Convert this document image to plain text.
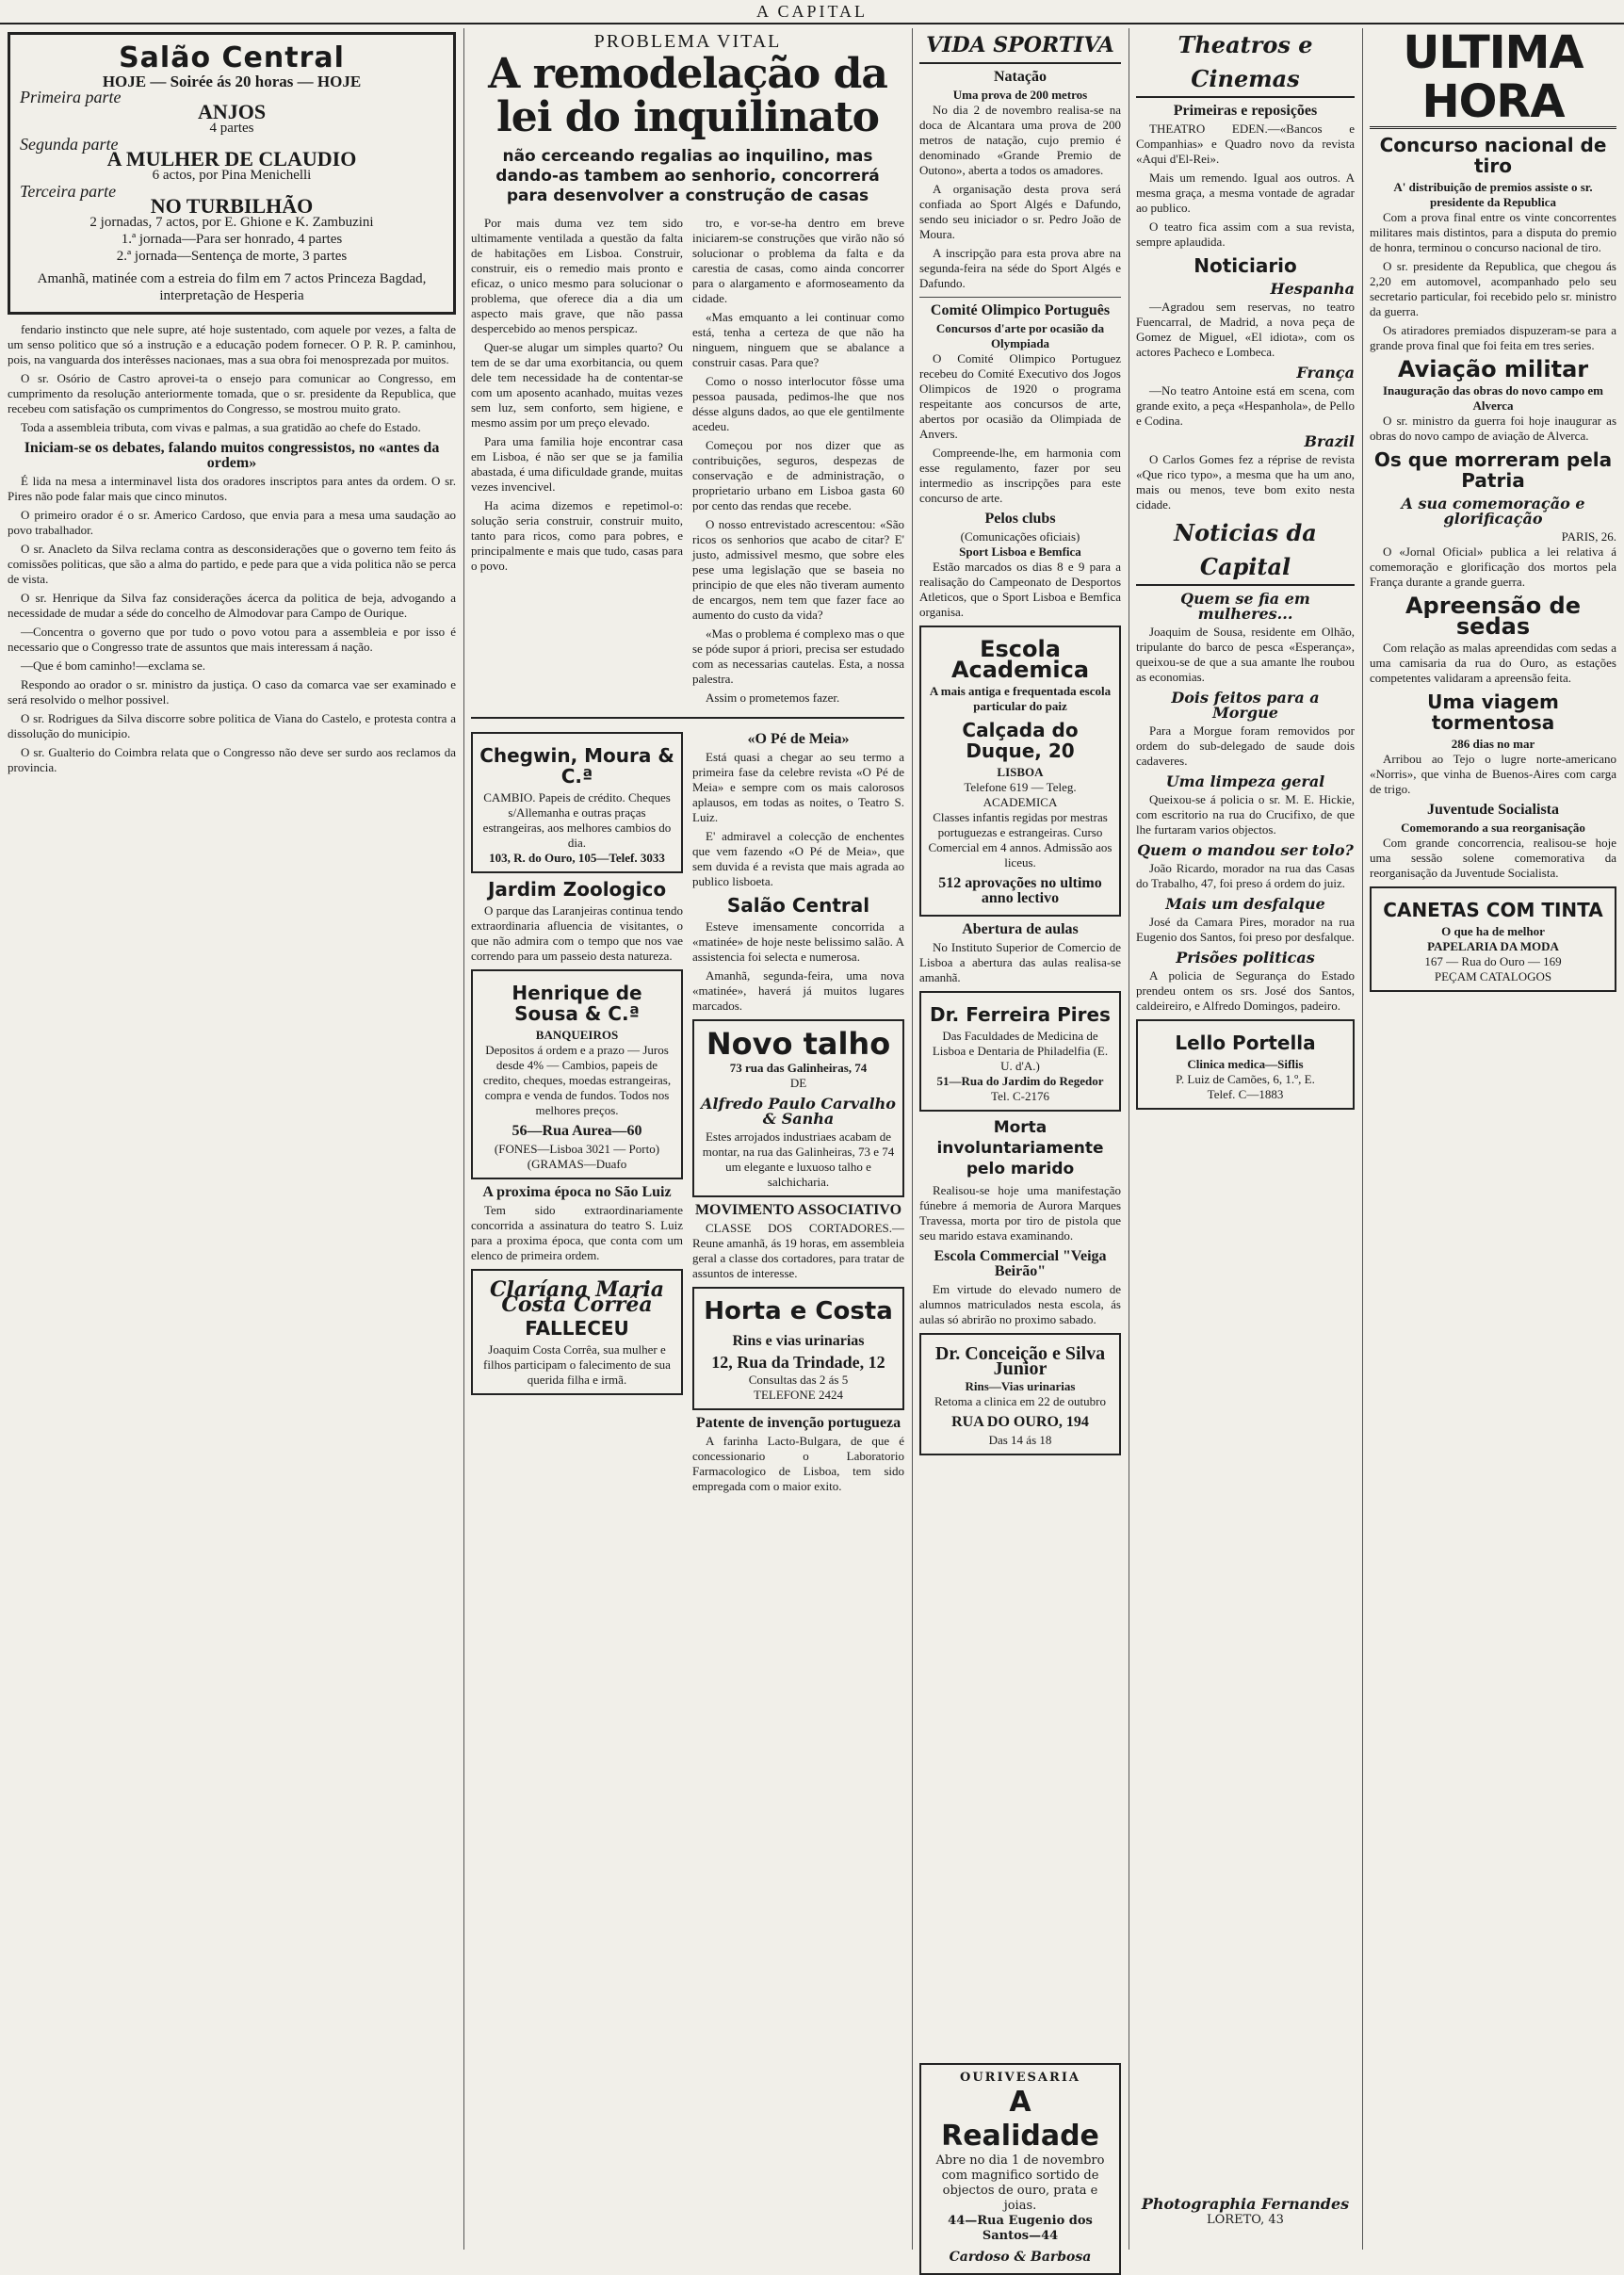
A CAPITAL
Salão Central
HOJE — Soirée ás 20 horas — HOJE
Primeira parte
ANJOS
4 partes
Segunda parte
A MULHER DE CLAUDIO
6 actos, por Pina Menichelli
Terceira parte
NO TURBILHÃO
2 jornadas, 7 actos, por E. Ghione e K. Zambuzini
1.ª jornada—Para ser honrado, 4 partes
2.ª jornada—Sentença de morte, 3 partes
Amanhã, matinée com a estreia do film em 7 actos Princeza Bagdad, interpretação de Hesperia

fendario instincto que nele supre, até hoje sustentado, com aquele por vezes, a falta de um senso politico que só a instrução e a educação podem fornecer. O P. R. P. caminhou, pois, na vanguarda dos interêsses nacionaes, mas a sua obra foi menosprezada por muitos.

O sr. Osório de Castro aprovei-ta o ensejo para comunicar ao Congresso, em cumprimento da resolução anteriormente tomada, que o sr. presidente da Republica, que recebeu com satisfação os cumprimentos do Congresso, se mostrou muito grato.

Toda a assembleia tributa, com vivas e palmas, a sua gratidão ao chefe do Estado.

Iniciam-se os debates, falando muitos congressistos, no «antes da ordem»

É lida na mesa a interminavel lista dos oradores inscriptos para antes da ordem. O sr. Pires não pode falar mais que cinco minutos.

O primeiro orador é o sr. Americo Cardoso, que envia para a mesa uma saudação ao povo trabalhador.

O sr. Anacleto da Silva reclama contra as desconsiderações que o governo tem feito ás comissões politicas, que são a alma do partido, e pede para que a vida politica não se perca de vista.

O sr. Henrique da Silva faz considerações ácerca da politica de beja, advogando a necessidade de mudar a séde do concelho de Almodovar para Campo de Ourique.

—Concentra o governo que por tudo o povo votou para a assembleia e por isso é necessario que o Congresso trate de assuntos que mais interessam á nação.

—Que é bom caminho!—exclama se.

Respondo ao orador o sr. ministro da justiça. O caso da comarca vae ser examinado e será resolvido o melhor possivel.

O sr. Rodrigues da Silva discorre sobre politica de Viana do Castelo, e protesta contra a dissolução do municipio.

O sr. Gualterio do Coimbra relata que o Congresso não deve ser surdo aos reclamos da provincia.

PROBLEMA VITAL
A remodelação da lei do inquilinato
não cerceando regalias ao inquilino, mas dando-as tambem ao senhorio, concorrerá para desenvolver a construção de casas

Por mais duma vez tem sido ultimamente ventilada a questão da falta de habitações em Lisboa. Construir, construir, eis o remedio mais pronto e eficaz, o unico mesmo para solucionar o problema, que oferece dia a dia um aspecto mais grave, que não passa despercebido ao menos perspicaz.

Quer-se alugar um simples quarto? Ou tem de se dar uma exorbitancia, ou quem dele tem necessidade ha de contentar-se com um aposento acanhado, muitas vezes sem luz, sem conforto, sem higiene, e mesmo assim por um preço elevado.

Para uma familia hoje encontrar casa em Lisboa, é não ser que se ja familia abastada, é uma dificuldade grande, muitas vezes invencivel.

Ha acima dizemos e repetimol-o: solução seria construir, construir muito, tanto para ricos, como para pobres, e principalmente e mais que tudo, casas para o povo.

tro, e vor-se-ha dentro em breve iniciarem-se construções que virão não só solucionar o problema da falta e da carestia de casas, como ainda concorrer para o alargamento e aformoseamento da cidade.

«Mas emquanto a lei continuar como está, tenha a certeza de que não ha ninguem, ninguem que se abalance a construir casas. Para que?

Como o nosso interlocutor fôsse uma pessoa pausada, pedimos-lhe que nos désse alguns dados, ao que ele gentilmente acedeu.

Começou por nos dizer que as contribuições, seguros, despezas de conservação e de administração, o proprietario urbano em Lisboa gasta 60 por cento das rendas que recebe.

O nosso entrevistado acrescentou: «São ricos os senhorios que acabo de citar? E' justo, admissivel mesmo, que sobre eles pese uma legislação que se baseia no principio de que eles não tiveram aumento de encargos, nem tem que fazer face ao aumento do custo da vida?

«Mas o problema é complexo mas o que se póde supor á priori, precisa ser estudado com as necessarias cautelas. Esta, a nossa palestra.

Assim o prometemos fazer.

Chegwin, Moura & C.ª
CAMBIO. Papeis de crédito. Cheques s/Allemanha e outras praças estrangeiras, aos melhores cambios do dia.
103, R. do Ouro, 105—Telef. 3033
Jardim Zoologico

O parque das Laranjeiras continua tendo extraordinaria afluencia de visitantes, o que não admira com o tempo que nos vae correndo para um passeio desta natureza.

Henrique de Sousa & C.ª
BANQUEIROS
Depositos á ordem e a prazo — Juros desde 4% — Cambios, papeis de credito, cheques, moedas estrangeiras, compra e venda de fundos. Todos nos melhores preços.
56—Rua Aurea—60
(FONES—Lisboa 3021 — Porto) (GRAMAS—Duafo
A proxima época no São Luiz

Tem sido extraordinariamente concorrida a assinatura do teatro S. Luiz para a proxima época, que conta com um elenco de primeira ordem.

Claríana Maria Costa Corrêa
FALLECEU
Joaquim Costa Corrêa, sua mulher e filhos participam o falecimento de sua querida filha e irmã.
«O Pé de Meia»

Está quasi a chegar ao seu termo a primeira fase da celebre revista «O Pé de Meia» e sempre com os mais calorosos aplausos, em todas as noites, o Teatro S. Luiz.

E' admiravel a colecção de enchentes que vem fazendo «O Pé de Meia», que sem duvida é a revista que mais agrada ao publico lisboeta.

Salão Central

Esteve imensamente concorrida a «matinée» de hoje neste belissimo salão. A assistencia foi selecta e numerosa.

Amanhã, segunda-feira, uma nova «matinée», haverá já muitos lugares marcados.

Novo talho
73 rua das Galinheiras, 74
DE
Alfredo Paulo Carvalho & Sanha
Estes arrojados industriaes acabam de montar, na rua das Galinheiras, 73 e 74 um elegante e luxuoso talho e salchicharia.
MOVIMENTO ASSOCIATIVO

CLASSE DOS CORTADORES.—Reune amanhã, ás 19 horas, em assembleia geral a classe dos cortadores, para tratar de assuntos de interesse.

Horta e Costa
Rins e vias urinarias
12, Rua da Trindade, 12
Consultas das 2 ás 5
TELEFONE 2424
Patente de invenção portugueza

A farinha Lacto-Bulgara, de que é concessionario o Laboratorio Farmacologico de Lisboa, tem sido empregada com o maior exito.

VIDA SPORTIVA
Natação
Uma prova de 200 metros

No dia 2 de novembro realisa-se na doca de Alcantara uma prova de 200 metros de natação, cujo premio é denominado «Grande Premio de Outono», aberta a todos os amadores.

A organisação desta prova será confiada ao Sport Algés e Dafundo, sendo seu iniciador o sr. Pedro João de Moura.

A inscripção para esta prova abre na segunda-feira na séde do Sport Algés e Dafundo.

Comité Olimpico Português
Concursos d'arte por ocasião da Olympiada

O Comité Olimpico Portuguez recebeu do Comité Executivo dos Jogos Olimpicos de 1920 o programa respeitante aos concursos de arte, abertos por ocasião da Olimpiada de Anvers.

Compreende-lhe, em harmonia com esse regulamento, fazer por seu intermedio as inscripções para este concurso de arte.

Pelos clubs
(Comunicações oficiais)
Sport Lisboa e Bemfica

Estão marcados os dias 8 e 9 para a realisação do Campeonato de Desportos Atleticos, que o Sport Lisboa e Bemfica organisa.

Escola Academica
A mais antiga e frequentada escola particular do paiz
Calçada do Duque, 20
LISBOA
Telefone 619 — Teleg. ACADEMICA
Classes infantis regidas por mestras portuguezas e estrangeiras. Curso Comercial em 4 annos. Admissão aos liceus.
512 aprovações no ultimo anno lectivo
Abertura de aulas

No Instituto Superior de Comercio de Lisboa a abertura das aulas realisa-se amanhã.

Dr. Ferreira Pires
Das Faculdades de Medicina de Lisboa e Dentaria de Philadelfia (E. U. d'A.)
51—Rua do Jardim do Regedor
Tel. C-2176
Morta involuntariamente pelo marido

Realisou-se hoje uma manifestação fúnebre á memoria de Aurora Marques Travessa, morta por tiro de pistola que seu marido estava examinando.

Escola Commercial "Veiga Beirão"

Em virtude do elevado numero de alumnos matriculados nesta escola, ás aulas só abrirão no proximo sabado.

Dr. Conceição e Silva Junior
Rins—Vias urinarias
Retoma a clinica em 22 de outubro
RUA DO OURO, 194
Das 14 ás 18
Theatros e Cinemas
Primeiras e reposições

THEATRO EDEN.—«Bancos e Companhias» e Quadro novo da revista «Aqui d'El-Rei».

Mais um remendo. Igual aos outros. A mesma graça, a mesma vontade de agradar ao publico.

O teatro fica assim com a sua revista, sempre aplaudida.

Noticiario
Hespanha

—Agradou sem reservas, no teatro Fuencarral, de Madrid, a nova peça de Gomez de Miguel, «El idiota», com os actores Pacheco e Lombeca.

França

—No teatro Antoine está em scena, com grande exito, a peça «Hespanhola», de Pello e Codina.

Brazil

O Carlos Gomes fez a réprise de revista «Que rico typo», a mesma que ha um ano, mais ou menos, teve bom exito nesta cidade.

Noticias da Capital
Quem se fia em mulheres...

Joaquim de Sousa, residente em Olhão, tripulante do barco de pesca «Esperança», queixou-se de que a sua amante lhe roubou as economias.

Dois feitos para a Morgue

Para a Morgue foram removidos por ordem do sub-delegado de saude dois cadaveres.

Uma limpeza geral

Queixou-se á policia o sr. M. E. Hickie, com escritorio na rua do Crucifixo, de que lhe furtaram varios objectos.

Quem o mandou ser tolo?

João Ricardo, morador na rua das Casas do Trabalho, 47, foi preso á ordem do juiz.

Mais um desfalque

José da Camara Pires, morador na rua Eugenio dos Santos, foi preso por desfalque.

Prisões politicas

A policia de Segurança do Estado prendeu ontem os srs. José dos Santos, caldeireiro, e Alfredo Domingos, padeiro.

Lello Portella
Clinica medica—Siflis
P. Luiz de Camões, 6, 1.º, E.
Telef. C—1883
ULTIMA HORA
Concurso nacional de tiro
A' distribuição de premios assiste o sr. presidente da Republica

Com a prova final entre os vinte concorrentes militares mais distintos, para a disputa do premio de honra, terminou o concurso nacional de tiro.

O sr. presidente da Republica, que chegou ás 2,20 em automovel, acompanhado pelo seu secretario particular, foi recebido pelo sr. ministro da guerra.

Os atiradores premiados dispuzeram-se para a grande prova final que foi feita em tres series.

Aviação militar
Inauguração das obras do novo campo em Alverca

O sr. ministro da guerra foi hoje inaugurar as obras do novo campo de aviação de Alverca.

Os que morreram pela Patria
A sua comemoração e glorificação
PARIS, 26.

O «Jornal Oficial» publica a lei relativa á comemoração e glorificação dos mortos pela França durante a grande guerra.

Apreensão de sedas

Com relação as malas apreendidas com sedas a uma camisaria da rua do Ouro, as estações competentes validaram a apreensão feita.

Uma viagem tormentosa
286 dias no mar

Arribou ao Tejo o lugre norte-americano «Norris», que vinha de Buenos-Aires com carga de trigo.

Juventude Socialista
Comemorando a sua reorganisação

Com grande concorrencia, realisou-se hoje uma sessão solene comemorativa da reorganisação da Juventude Socialista.

CANETAS COM TINTA
O que ha de melhor
PAPELARIA DA MODA
167 — Rua do Ouro — 169
PEÇAM CATALOGOS
OURIVESARIA
A Realidade
Abre no dia 1 de novembro com magnifico sortido de objectos de ouro, prata e joias.
44—Rua Eugenio dos Santos—44
Cardoso & Barbosa
Photographia Fernandes
LORETO, 43
